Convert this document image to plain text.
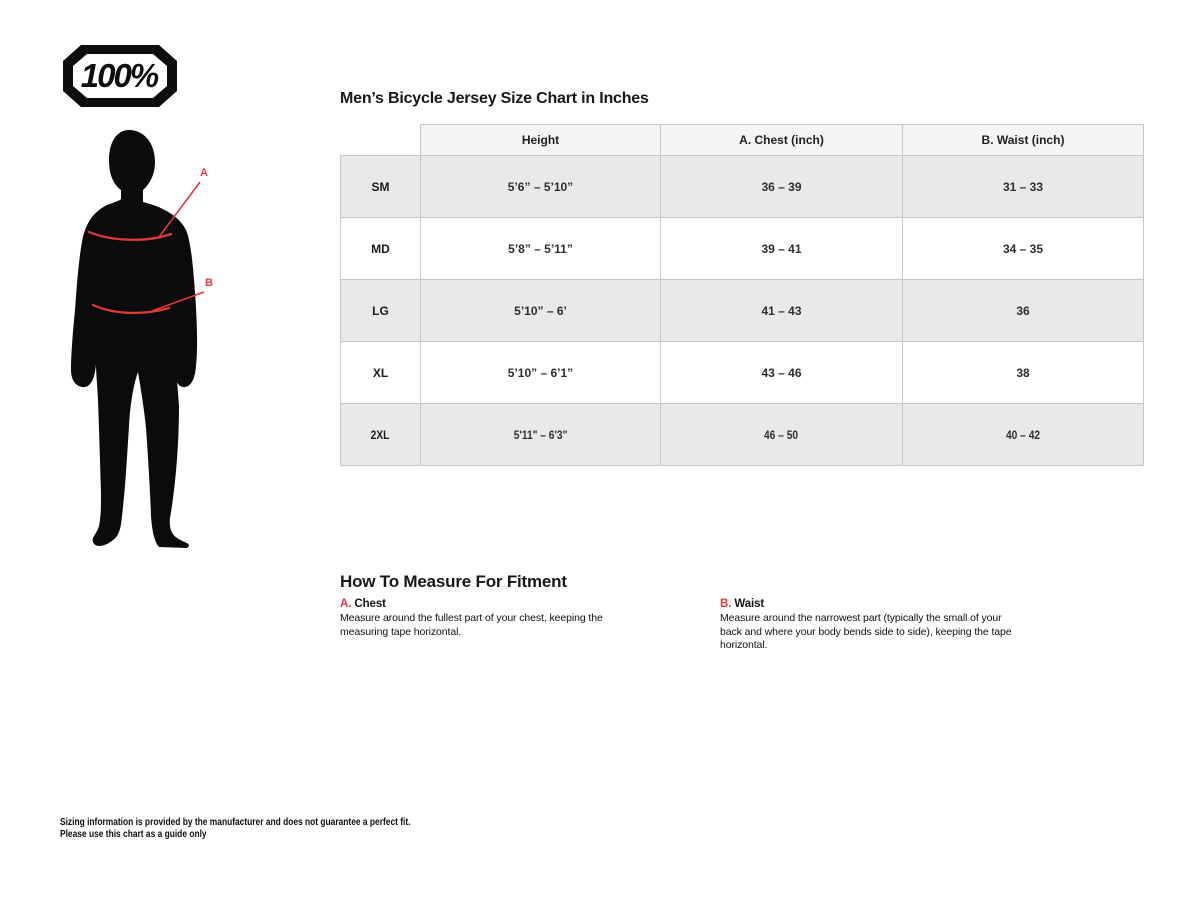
100%
A
B
Men’s Bicycle Jersey Size Chart in Inches
	Height	A. Chest (inch)	B. Waist (inch)
SM	5’6” – 5’10”	36 – 39	31 – 33
MD	5’8” – 5’11”	39 – 41	34 – 35
LG	5’10” – 6’	41 – 43	36
XL	5’10” – 6’1”	43 – 46	38
2XL	5'11" – 6'3"	46 – 50	40 – 42
How To Measure For Fitment
A. Chest

Measure around the fullest part of your chest, keeping the measuring tape horizontal.

B. Waist

Measure around the narrowest part (typically the small of your back and where your body bends side to side), keeping the tape horizontal.

Sizing information is provided by the manufacturer and does not guarantee a perfect fit.
Please use this chart as a guide only
